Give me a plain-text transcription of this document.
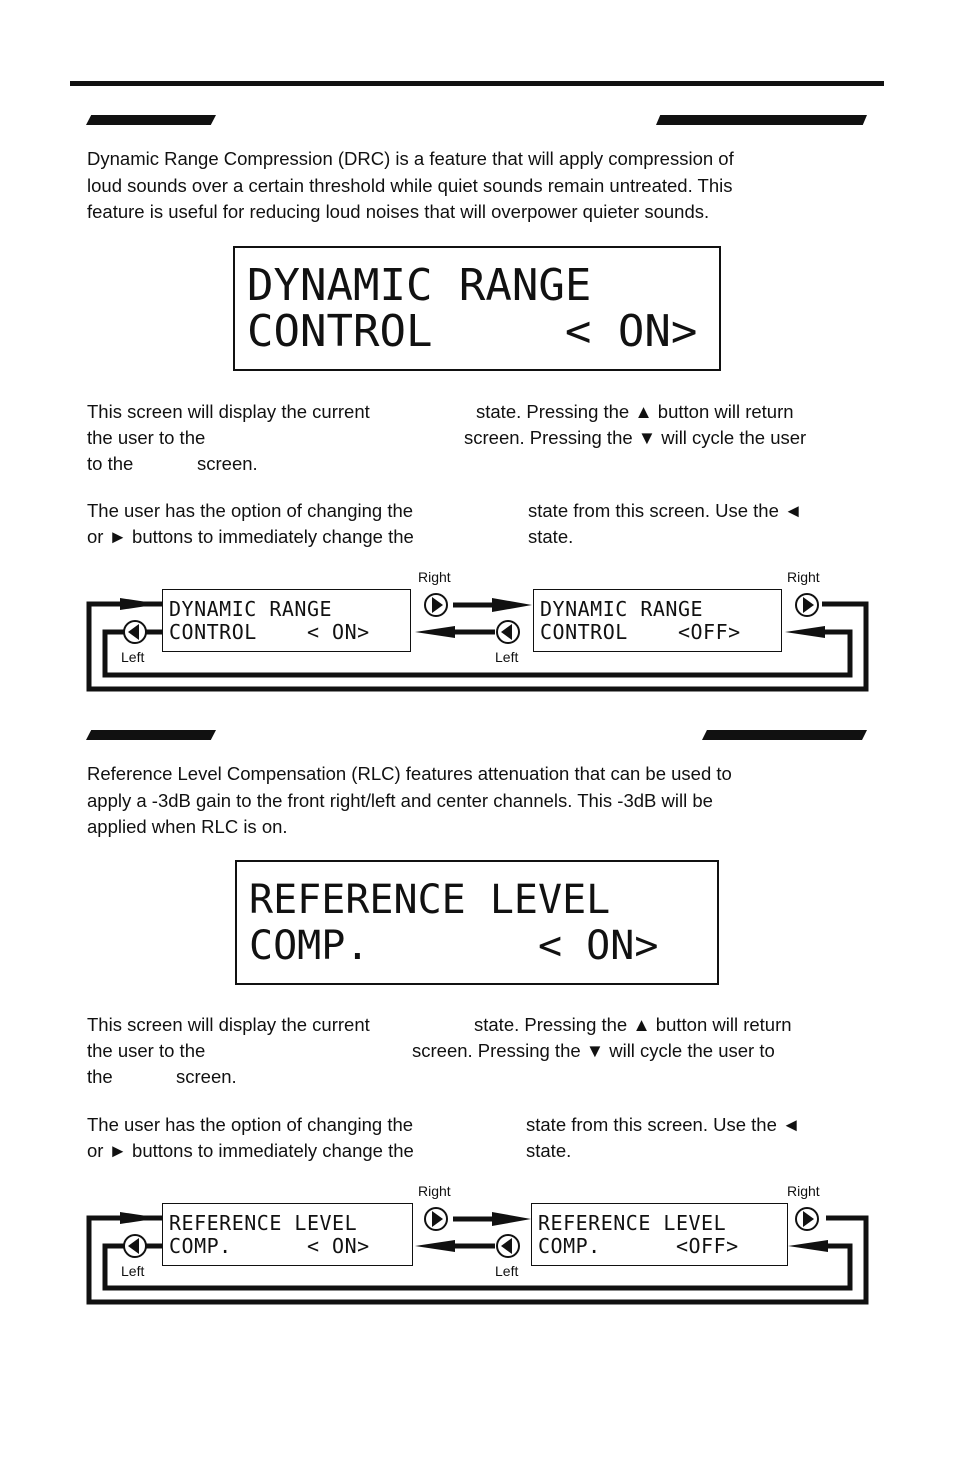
Dynamic Range Compression (DRC) is a feature that will apply compression of
loud sounds over a certain threshold while quiet sounds remain untreated. This
feature is useful for reducing loud noises that will overpower quieter sounds.
DYNAMIC RANGE
CONTROL     < ON>
This screen will display the current	state. Pressing the ▲ button will return
the user to the	screen. Pressing the ▼ will cycle the user
to the	screen.
The user has the option of changing the	state from this screen. Use the ◄
or ► buttons to immediately change the	state.
DYNAMIC RANGE
CONTROL    < ON>
DYNAMIC RANGE
CONTROL    <OFF>
Right	Right
Left	Left
Reference Level Compensation (RLC) features attenuation that can be used to
apply a -3dB gain to the front right/left and center channels. This -3dB will be
applied when RLC is on.
REFERENCE LEVEL
COMP.       < ON>
This screen will display the current	state. Pressing the ▲ button will return
the user to the	screen. Pressing the ▼ will cycle the user to
the	screen.
The user has the option of changing the	state from this screen. Use the ◄
or ► buttons to immediately change the	state.
REFERENCE LEVEL
COMP.      < ON>
REFERENCE LEVEL
COMP.      <OFF>
Right	Right
Left	Left
